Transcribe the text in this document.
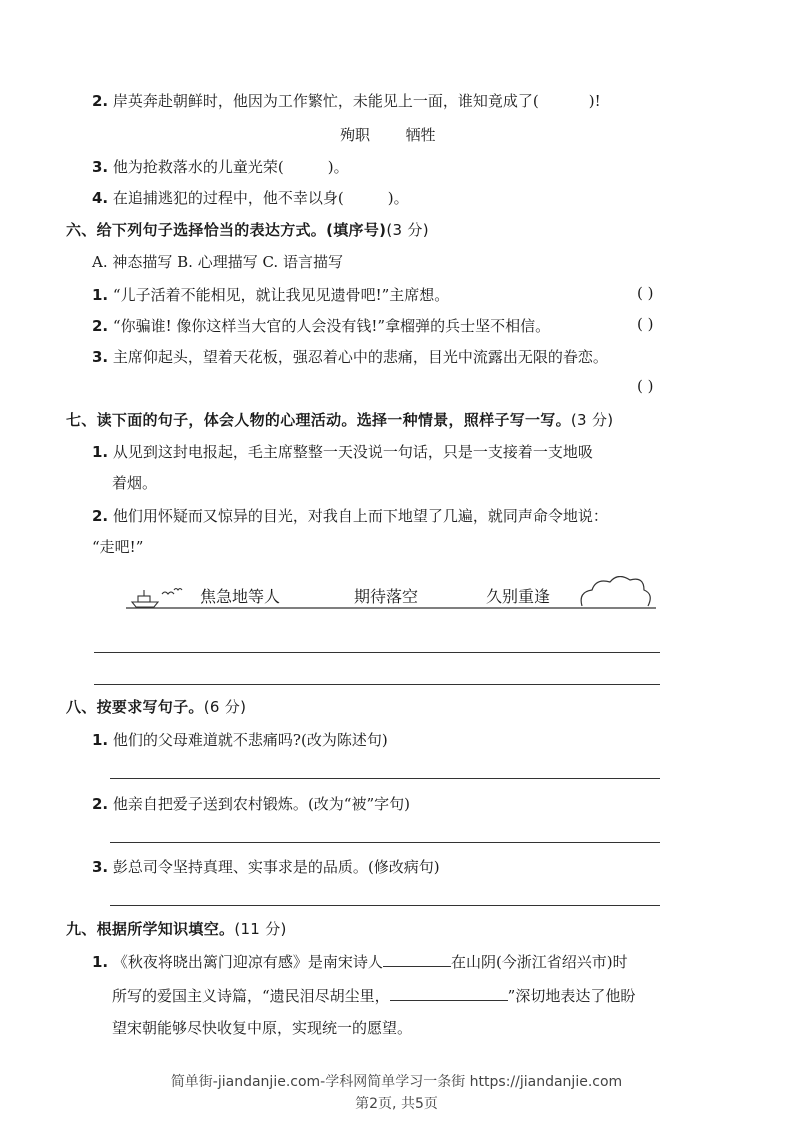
2. 岸英奔赴朝鲜时，他因为工作繁忙，未能见上一面，谁知竟成了(	)!
殉职 牺牲
3. 他为抢救落水的儿童光荣(	)。
4. 在追捕逃犯的过程中，他不幸以身(	)。
六、给下列句子选择恰当的表达方式。(填序号)(3 分)
A. 神态描写 B. 心理描写 C. 语言描写
1. “儿子活着不能相见，就让我见见遗骨吧!”主席想。	( )
2. “你骗谁! 像你这样当大官的人会没有钱!”拿榴弹的兵士坚不相信。	( )
3. 主席仰起头，望着天花板，强忍着心中的悲痛，目光中流露出无限的眷恋。
( )
七、读下面的句子，体会人物的心理活动。选择一种情景，照样子写一写。(3 分)
1. 从见到这封电报起，毛主席整整一天没说一句话，只是一支接着一支地吸
着烟。
2. 他们用怀疑而又惊异的目光，对我自上而下地望了几遍，就同声命令地说：
“走吧!”
焦急地等人	期待落空	久别重逢
八、按要求写句子。(6 分)
1. 他们的父母难道就不悲痛吗?(改为陈述句)
2. 他亲自把爱子送到农村锻炼。(改为“被”字句)
3. 彭总司令坚持真理、实事求是的品质。(修改病句)
九、根据所学知识填空。(11 分)
1. 《秋夜将晓出篱门迎凉有感》是南宋诗人	在山阴(今浙江省绍兴市)时
所写的爱国主义诗篇，“遗民泪尽胡尘里，	”深切地表达了他盼
望宋朝能够尽快收复中原，实现统一的愿望。
简单街-jiandanjie.com-学科网简单学习一条街 https://jiandanjie.com
第2页, 共5页
